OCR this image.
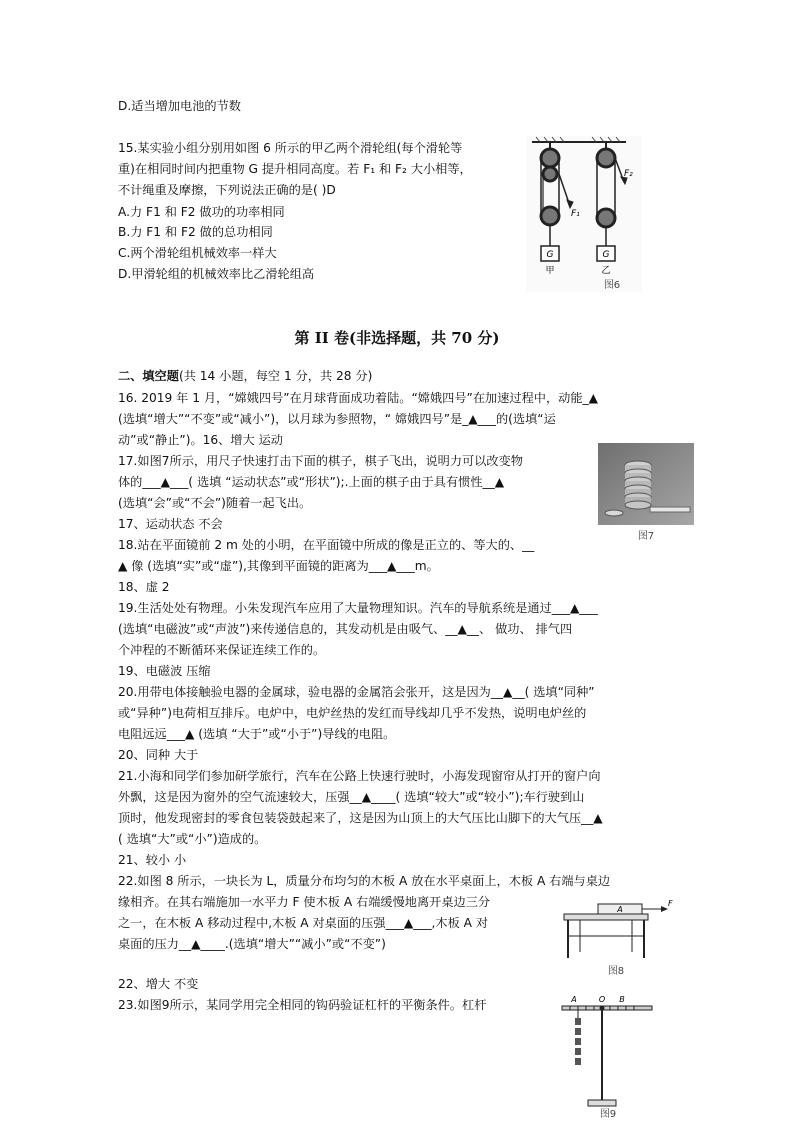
D.适当增加电池的节数
15.某实验小组分别用如图 6 所示的甲乙两个滑轮组(每个滑轮等
重)在相同时间内把重物 G 提升相同高度。若 F₁ 和 F₂ 大小相等，
不计绳重及摩擦，下列说法正确的是( )D
A.力 F1 和 F2 做功的功率相同
B.力 F1 和 F2 做的总功相同
C.两个滑轮组机械效率一样大
D.甲滑轮组的机械效率比乙滑轮组高
G	G
F₁
F₂
甲	乙
图6
第 II 卷(非选择题，共 70 分)
二、填空题(共 14 小题，每空 1 分，共 28 分)
16. 2019 年 1 月，“嫦娥四号”在月球背面成功着陆。“嫦娥四号”在加速过程中，动能_▲
(选填“增大”“不变”或“减小”)，以月球为参照物，“ 嫦娥四号”是_▲___的(选填“运
动”或“静止”)。16、增大 运动
17.如图7所示，用尺子快速打击下面的棋子，棋子飞出，说明力可以改变物
体的___▲___( 选填 “运动状态”或“形状”);.上面的棋子由于具有惯性__▲
(选填“会”或“不会”)随着一起飞出。
17、运动状态 不会
图7
18.站在平面镜前 2 m 处的小明，在平面镜中所成的像是正立的、等大的、__
▲ 像 (选填“实”或“虚”),其像到平面镜的距离为___▲___m。
18、虚 2
19.生活处处有物理。小朱发现汽车应用了大量物理知识。汽车的导航系统是通过___▲___
(选填“电磁波”或“声波”)来传递信息的，其发动机是由吸气、__▲__、 做功、 排气四
个冲程的不断循环来保证连续工作的。
19、电磁波 压缩
20.用带电体接触验电器的金属球，验电器的金属箔会张开，这是因为__▲__( 选填“同种”
或“异种”)电荷相互排斥。电炉中，电炉丝热的发红而导线却几乎不发热，说明电炉丝的
电阻远远___▲ (选填 “大于”或“小于”)导线的电阻。
20、同种 大于
21.小海和同学们参加研学旅行，汽车在公路上快速行驶时，小海发现窗帘从打开的窗户向
外飘，这是因为窗外的空气流速较大，压强__▲____( 选填“较大”或“较小”);车行驶到山
顶时，他发现密封的零食包装袋鼓起来了，这是因为山顶上的大气压比山脚下的大气压__▲
( 选填“大”或“小”)造成的。
21、较小 小
22.如图 8 所示，一块长为 L，质量分布均匀的木板 A 放在水平桌面上，木板 A 右端与桌边
缘相齐。在其右端施加一水平力 F 使木板 A 右端缓慢地离开桌边三分
之一，在木板 A 移动过程中,木板 A 对桌面的压强___▲___,木板 A 对
桌面的压力__▲____.(选填“增大”“减小”或“不变”)
22、增大 不变
A
F
图8
23.如图9所示，某同学用完全相同的钩码验证杠杆的平衡条件。杠杆	A	O B
图9
